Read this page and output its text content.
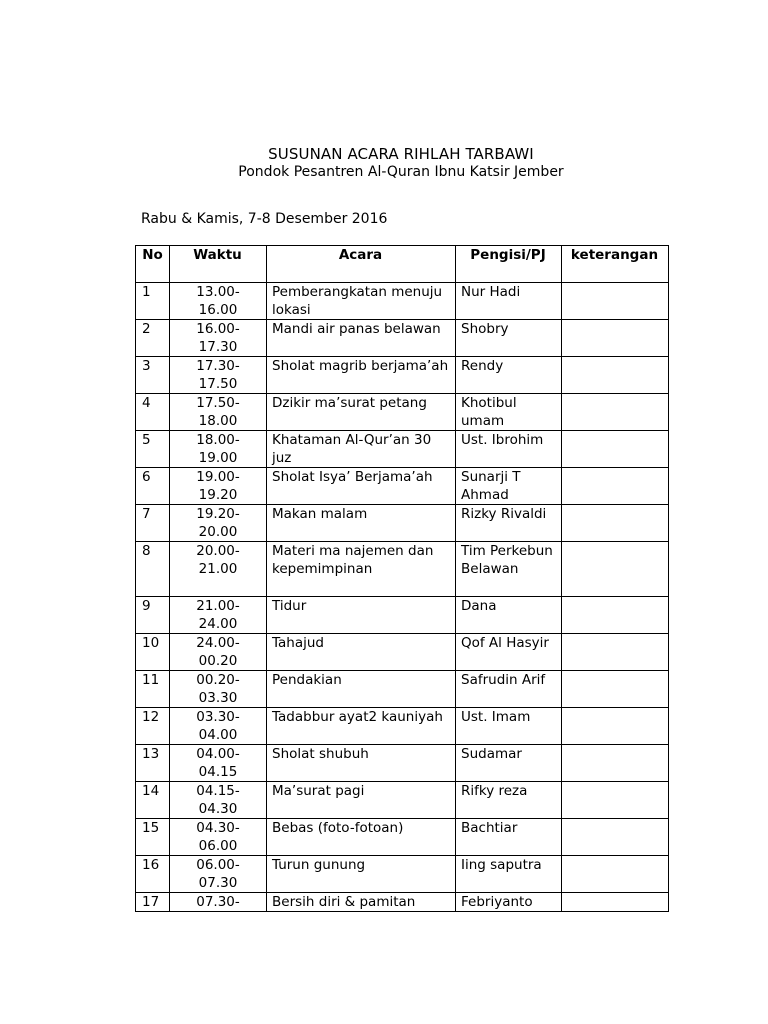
SUSUNAN ACARA RIHLAH TARBAWI
Pondok Pesantren Al-Quran Ibnu Katsir Jember
Rabu & Kamis, 7-8 Desember 2016
No	Waktu	Acara	Pengisi/PJ	keterangan
1	13.00-16.00	Pemberangkatan menuju lokasi	Nur Hadi	
2	16.00-17.30	Mandi air panas belawan	Shobry	
3	17.30-17.50	Sholat magrib berjama’ah	Rendy	
4	17.50-18.00	Dzikir ma’surat petang	Khotibul umam	
5	18.00-19.00	Khataman Al-Qur’an 30 juz	Ust. Ibrohim	
6	19.00-19.20	Sholat Isya’ Berjama’ah	Sunarji T Ahmad	
7	19.20-20.00	Makan malam	Rizky Rivaldi	
8	20.00-21.00	Materi ma najemen dan kepemimpinan	Tim Perkebun Belawan	
9	21.00-24.00	Tidur	Dana	
10	24.00-00.20	Tahajud	Qof Al Hasyir	
11	00.20-03.30	Pendakian	Safrudin Arif	
12	03.30-04.00	Tadabbur ayat2 kauniyah	Ust. Imam	
13	04.00-04.15	Sholat shubuh	Sudamar	
14	04.15-04.30	Ma’surat pagi	Rifky reza	
15	04.30-06.00	Bebas (foto-fotoan)	Bachtiar	
16	06.00-07.30	Turun gunung	Iing saputra	
17	07.30-	Bersih diri & pamitan	Febriyanto	
